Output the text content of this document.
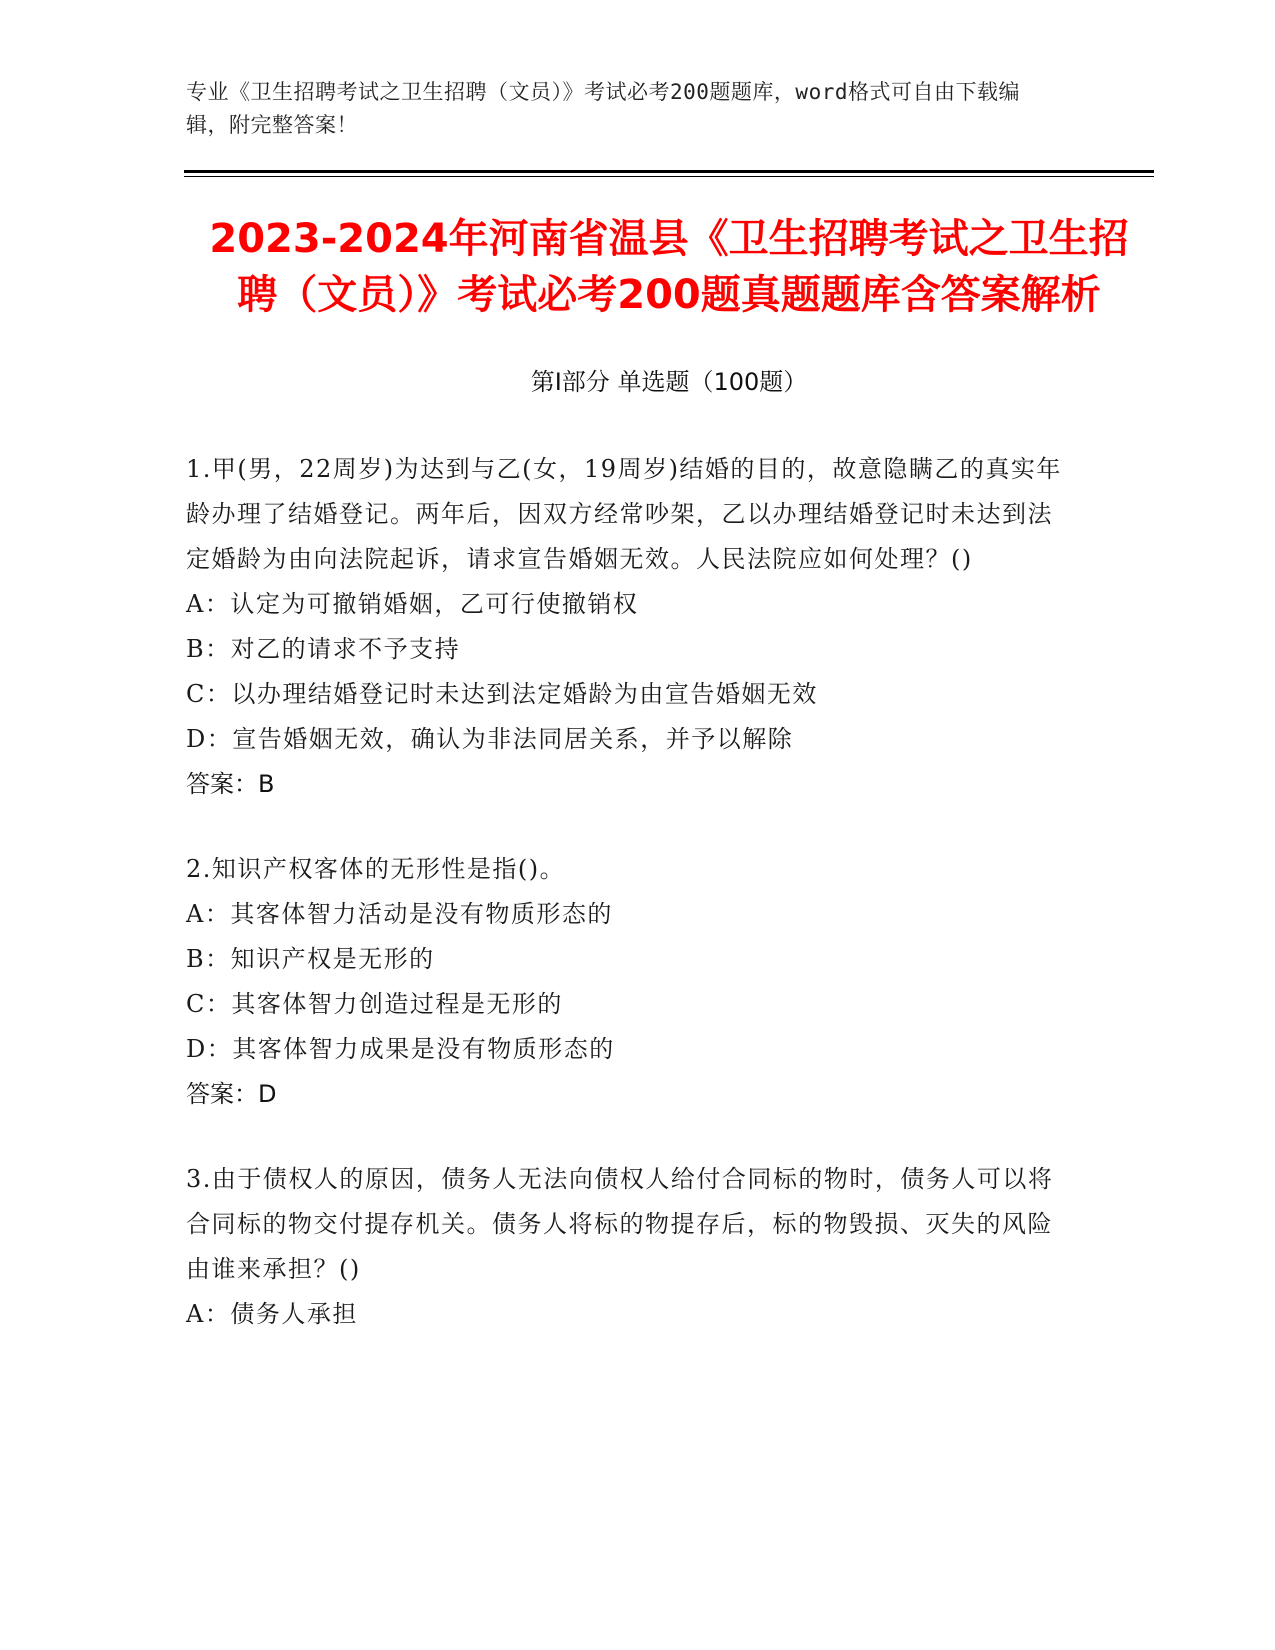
专业《卫生招聘考试之卫生招聘（文员）》考试必考200题题库，word格式可自由下载编辑，附完整答案！
2023-2024年河南省温县《卫生招聘考试之卫生招聘（文员）》考试必考200题真题题库含答案解析
第Ⅰ部分 单选题（100题）
1.甲(男，22周岁)为达到与乙(女，19周岁)结婚的目的，故意隐瞒乙的真实年龄办理了结婚登记。两年后，因双方经常吵架，乙以办理结婚登记时未达到法定婚龄为由向法院起诉，请求宣告婚姻无效。人民法院应如何处理？()
A：认定为可撤销婚姻，乙可行使撤销权
B：对乙的请求不予支持
C：以办理结婚登记时未达到法定婚龄为由宣告婚姻无效
D：宣告婚姻无效，确认为非法同居关系，并予以解除
答案：B
2.知识产权客体的无形性是指()。
A：其客体智力活动是没有物质形态的
B：知识产权是无形的
C：其客体智力创造过程是无形的
D：其客体智力成果是没有物质形态的
答案：D
3.由于债权人的原因，债务人无法向债权人给付合同标的物时，债务人可以将合同标的物交付提存机关。债务人将标的物提存后，标的物毁损、灭失的风险由谁来承担？()
A：债务人承担
